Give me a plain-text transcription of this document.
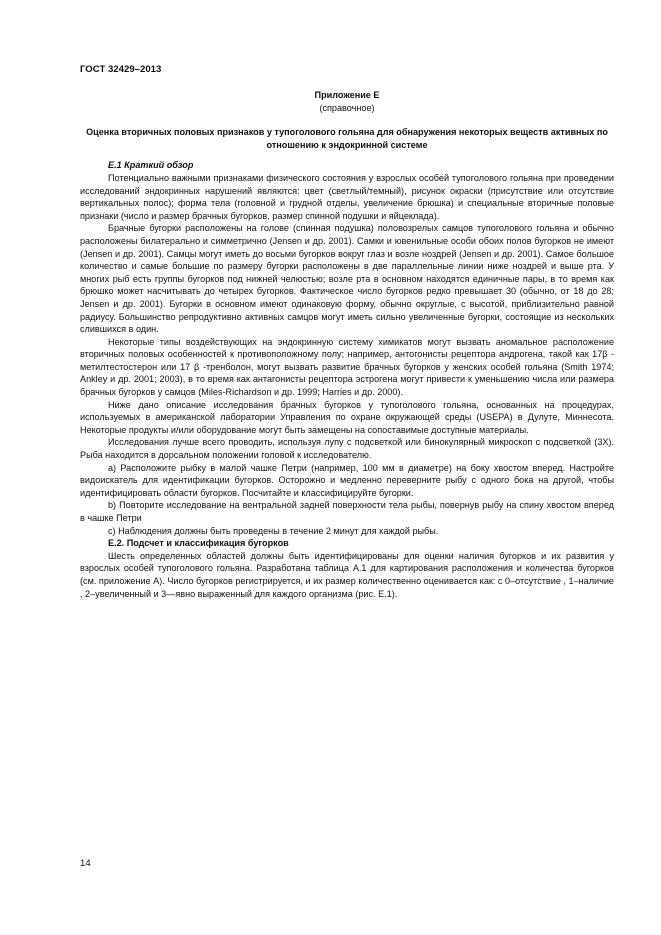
ГОСТ 32429–2013
Приложение Е
(справочное)
Оценка вторичных половых признаков у тупоголового гольяна для обнаружения некоторых веществ активных по отношению к эндокринной системе
Е.1 Краткий обзор

Потенциально важными признаками физического состояния у взрослых особей тупоголового гольяна при проведении исследований эндокринных нарушений являются: цвет (светлый/темный), рисунок окраски (присутствие или отсутствие вертикальных полос); форма тела (головной и грудной отделы, увеличение брюшка) и специальные вторичные половые признаки (число и размер брачных бугорков, размер спинной подушки и яйцеклада).

Брачные бугорки расположены на голове (спинная подушка) половозрелых самцов тупоголового гольяна и обычно расположены билатерально и симметрично (Jensen и др. 2001). Самки и ювенильные особи обоих полов бугорков не имеют (Jensen и др. 2001). Самцы могут иметь до восьми бугорков вокруг глаз и возле ноздрей (Jensen и др. 2001). Самое большое количество и самые большие по размеру бугорки расположены в две параллельные линии ниже ноздрей и выше рта. У многих рыб есть группы бугорков под нижней челюстью; возле рта в основном находятся единичные пары, в то время как брюшко может насчитывать до четырех бугорков. Фактическое число бугорков редко превышает 30 (обычно, от 18 до 28; Jensen и др. 2001). Бугорки в основном имеют одинаковую форму, обычно округлые, с высотой, приблизительно равной радиусу. Большинство репродуктивно активных самцов могут иметь сильно увеличенные бугорки, состоящие из нескольких слившихся в один.

Некоторые типы воздействующих на эндокринную систему химикатов могут вызвать аномальное расположение вторичных половых особенностей к противоположному полу; например, антогонисты рецептора андрогена, такой как 17β - метилтестостерон или 17 β -тренболон, могут вызвать развитие брачных бугорков у женских особей гольяна (Smith 1974; Ankley и др. 2001; 2003), в то время как антагонисты рецептора эстрогена могут привести к уменьшению числа или размера брачных бугорков у самцов (Miles-Richardson и др. 1999; Harries и др. 2000).

Ниже дано описание исследования брачных бугорков у тупоголового гольяна, основанных на процедурах, используемых в американской лаборатории Управления по охране окружающей среды (USEPA) в Дулуте, Миннесота. Некоторые продукты и/или оборудование могут быть замещены на сопоставимые доступные материалы.

Исследования лучше всего проводить, используя лупу с подсветкой или бинокулярный микроскоп с подсветкой (3X). Рыба находится в дорсальном положении головой к исследователю.

a) Расположите рыбку в малой чашке Петри (например, 100 мм в диаметре) на боку хвостом вперед. Настройте видоискатель для идентификации бугорков. Осторожно и медленно переверните рыбу с одного бока на другой, чтобы идентифицировать области бугорков. Посчитайте и классифицируйте бугорки.

b) Повторите исследование на вентральной задней поверхности тела рыбы, повернув рыбу на спину хвостом вперед в чашке Петри

c) Наблюдения должны быть проведены в течение 2 минут для каждой рыбы.

Е.2. Подсчет и классификация бугорков

Шесть определенных областей должны быть идентифицированы для оценки наличия бугорков и их развития у взрослых особей тупоголового гольяна. Разработана таблица А.1 для картирования расположения и количества бугорков (см. приложение А). Число бугорков регистрируется, и их размер количественно оценивается как: с 0–отсутствие , 1–наличие , 2–увеличенный и 3—явно выраженный для каждого организма (рис. Е.1).

14
